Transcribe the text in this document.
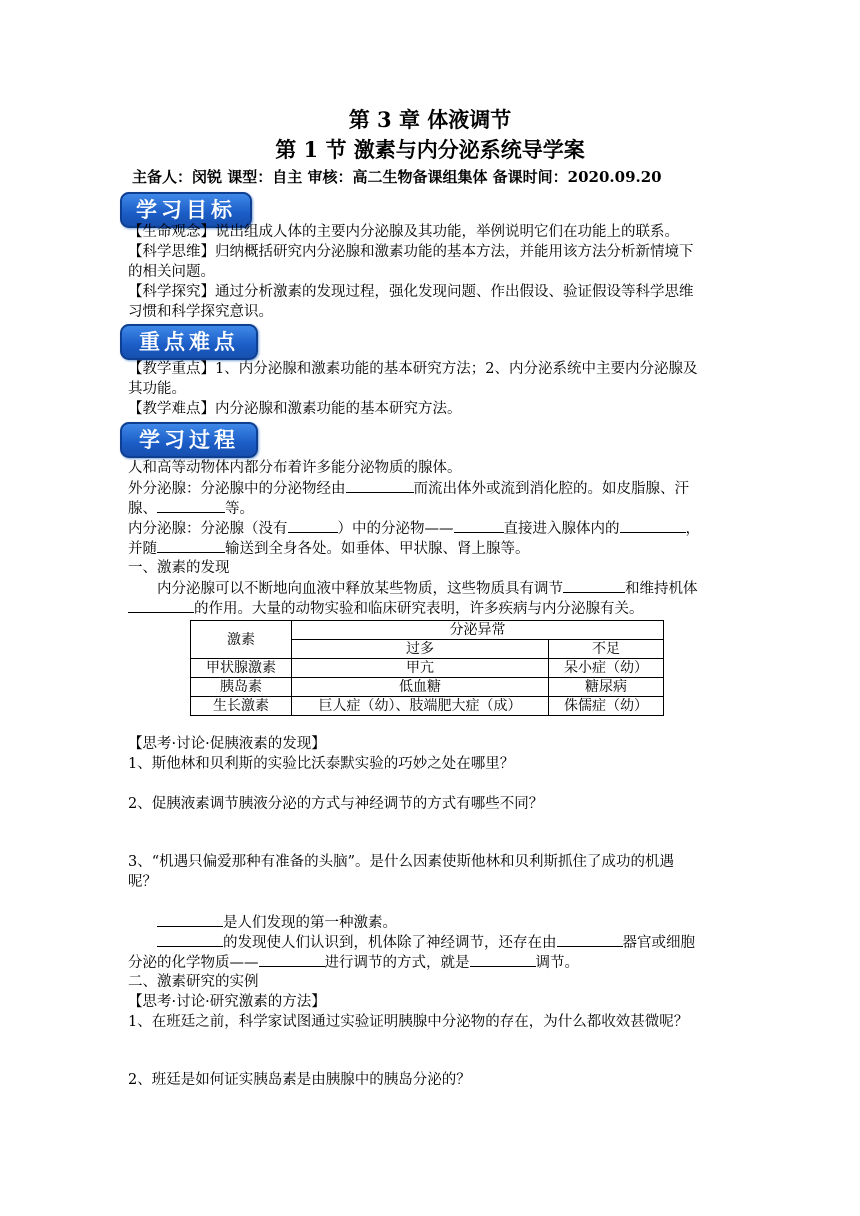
第 3 章 体液调节
第 1 节 激素与内分泌系统导学案
主备人：闵锐 课型：自主 审核：高二生物备课组集体 备课时间：2020.09.20
学习目标
【生命观念】说出组成人体的主要内分泌腺及其功能，举例说明它们在功能上的联系。
【科学思维】归纳概括研究内分泌腺和激素功能的基本方法，并能用该方法分析新情境下
的相关问题。
【科学探究】通过分析激素的发现过程，强化发现问题、作出假设、验证假设等科学思维
习惯和科学探究意识。
重点难点
【教学重点】1、内分泌腺和激素功能的基本研究方法；2、内分泌系统中主要内分泌腺及
其功能。
【教学难点】内分泌腺和激素功能的基本研究方法。
学习过程
人和高等动物体内都分布着许多能分泌物质的腺体。
外分泌腺：分泌腺中的分泌物经由	而流出体外或流到消化腔的。如皮脂腺、汗
腺、	等。
内分泌腺：分泌腺（没有	）中的分泌物——	直接进入腺体内的	，
并随	输送到全身各处。如垂体、甲状腺、肾上腺等。
一、激素的发现
内分泌腺可以不断地向血液中释放某些物质，这些物质具有调节	和维持机体
的作用。大量的动物实验和临床研究表明，许多疾病与内分泌腺有关。
激素	分泌异常	
	过多	不足
甲状腺激素	甲亢	呆小症（幼）
胰岛素	低血糖	糖尿病
生长激素	巨人症（幼）、肢端肥大症（成）	侏儒症（幼）
【思考·讨论·促胰液素的发现】
1、斯他林和贝利斯的实验比沃泰默实验的巧妙之处在哪里？
2、促胰液素调节胰液分泌的方式与神经调节的方式有哪些不同？
3、“机遇只偏爱那种有准备的头脑”。是什么因素使斯他林和贝利斯抓住了成功的机遇
呢？
是人们发现的第一种激素。
的发现使人们认识到，机体除了神经调节，还存在由	器官或细胞
分泌的化学物质——	进行调节的方式，就是	调节。
二、激素研究的实例
【思考·讨论·研究激素的方法】
1、在班廷之前，科学家试图通过实验证明胰腺中分泌物的存在，为什么都收效甚微呢？
2、班廷是如何证实胰岛素是由胰腺中的胰岛分泌的？
